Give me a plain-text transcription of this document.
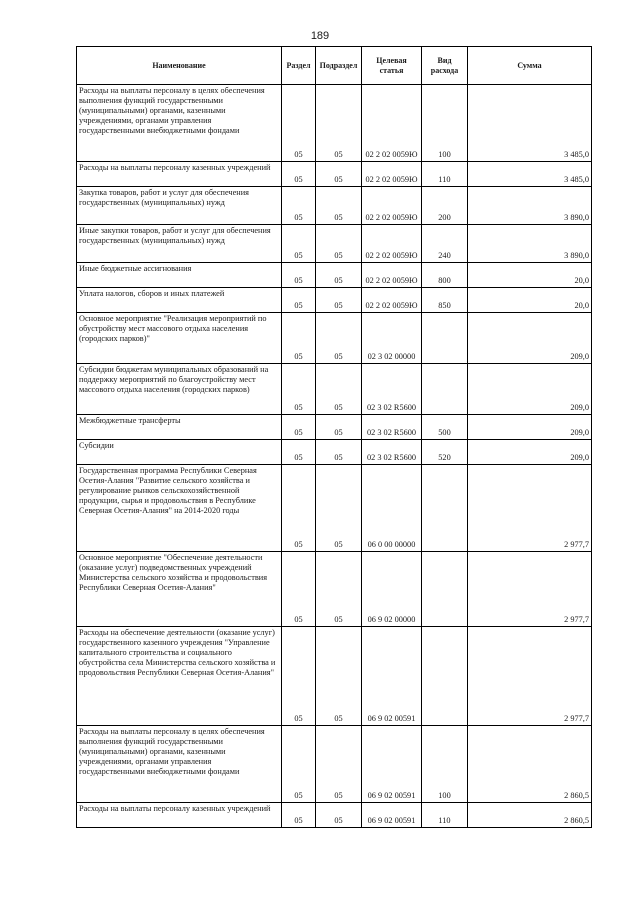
189
Наименование	Раздел	Подраздел	Целевая статья	Вид расхода	Сумма
Расходы на выплаты персоналу в целях обеспечения выполнения функций государственными (муниципальными) органами, казенными учреждениями, органами управления государственными внебюджетными фондами	05	05	02 2 02 0059Ю	100	3 485,0
Расходы на выплаты персоналу казенных учреждений	05	05	02 2 02 0059Ю	110	3 485,0
Закупка товаров, работ и услуг для обеспечения государственных (муниципальных) нужд	05	05	02 2 02 0059Ю	200	3 890,0
Иные закупки товаров, работ и услуг для обеспечения государственных (муниципальных) нужд	05	05	02 2 02 0059Ю	240	3 890,0
Иные бюджетные ассигнования	05	05	02 2 02 0059Ю	800	20,0
Уплата налогов, сборов и иных платежей	05	05	02 2 02 0059Ю	850	20,0
Основное мероприятие "Реализация мероприятий по обустройству мест массового отдыха населения (городских парков)"	05	05	02 3 02 00000		209,0
Субсидии бюджетам муниципальных образований на поддержку мероприятий по благоустройству мест массового отдыха населения (городских парков)	05	05	02 3 02 R5600		209,0
Межбюджетные трансферты	05	05	02 3 02 R5600	500	209,0
Субсидии	05	05	02 3 02 R5600	520	209,0
Государственная программа Республики Северная Осетия-Алания "Развитие сельского хозяйства и регулирование рынков сельскохозяйственной продукции, сырья и продовольствия в Республике Северная Осетия-Алания" на 2014-2020 годы	05	05	06 0 00 00000		2 977,7
Основное мероприятие "Обеспечение деятельности (оказание услуг) подведомственных учреждений Министерства сельского хозяйства и продовольствия Республики Северная Осетия-Алания"	05	05	06 9 02 00000		2 977,7
Расходы на обеспечение деятельности (оказание услуг) государственного казенного учреждения "Управление капитального строительства и социального обустройства села Министерства сельского хозяйства и продовольствия Республики Северная Осетия-Алания"	05	05	06 9 02 00591		2 977,7
Расходы на выплаты персоналу в целях обеспечения выполнения функций государственными (муниципальными) органами, казенными учреждениями, органами управления государственными внебюджетными фондами	05	05	06 9 02 00591	100	2 860,5
Расходы на выплаты персоналу казенных учреждений	05	05	06 9 02 00591	110	2 860,5
